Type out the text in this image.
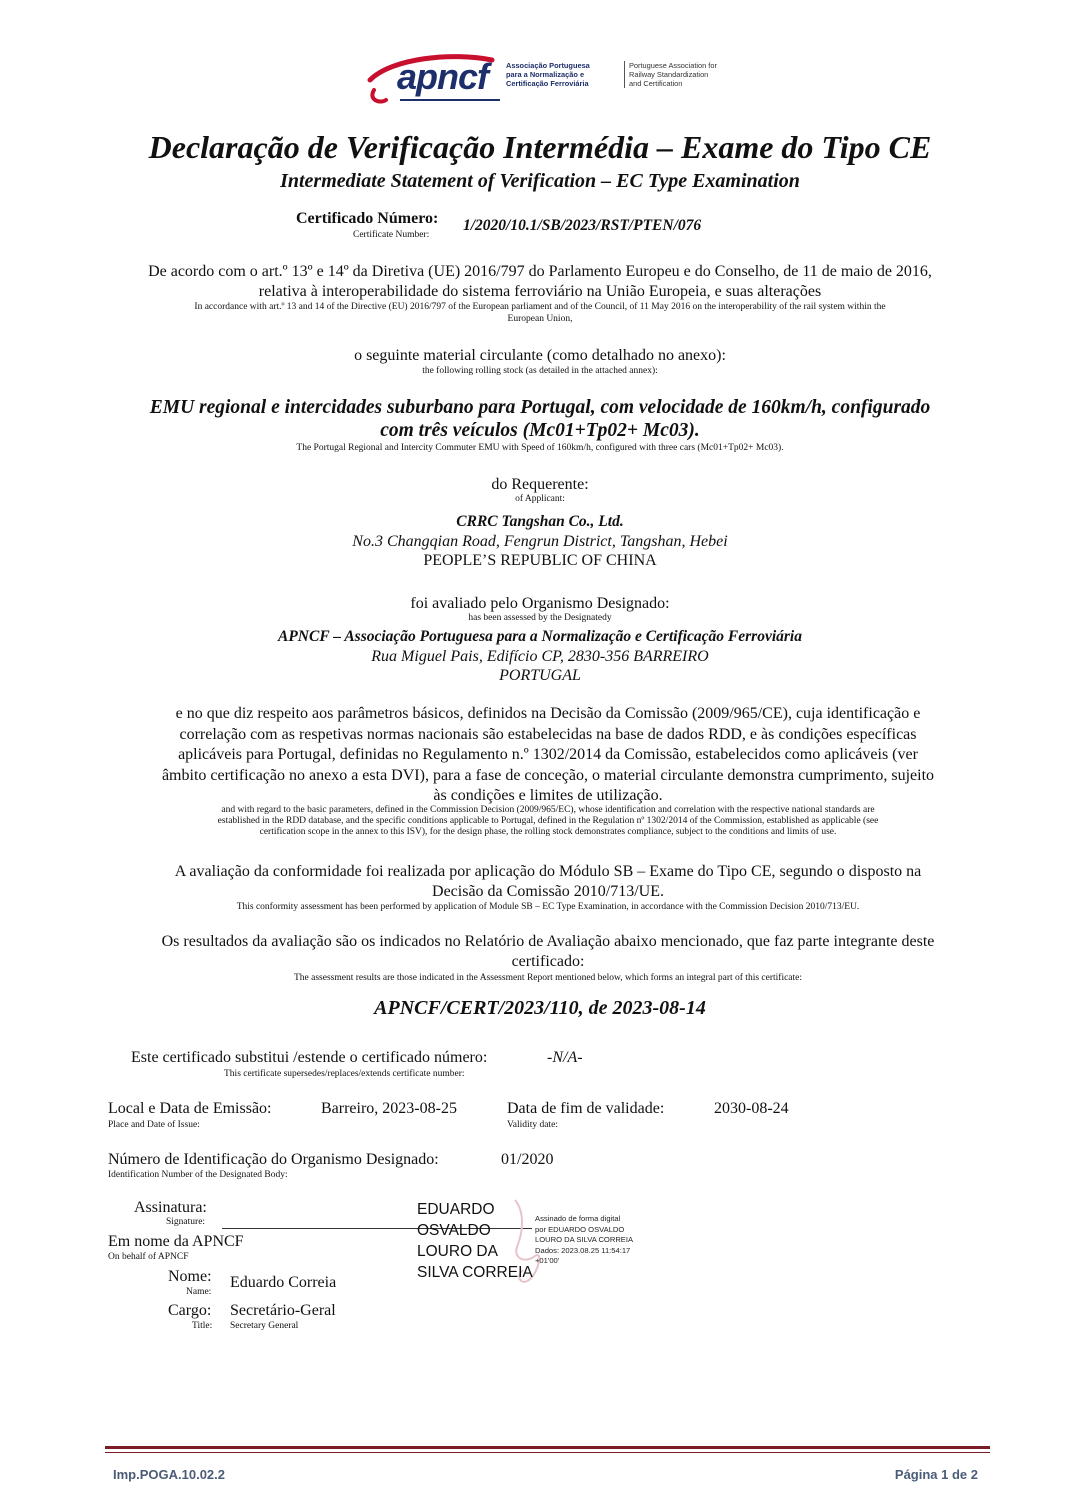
apncf Associação Portuguesa
para a Normalização e
Certificação Ferroviária
Portuguese Association for
Railway Standardization
and Certification
Declaração de Verificação Intermédia – Exame do Tipo CE
Intermediate Statement of Verification – EC Type Examination
Certificado Número:
Certificate Number:
1/2020/10.1/SB/2023/RST/PTEN/076
De acordo com o art.º 13º e 14º da Diretiva (UE) 2016/797 do Parlamento Europeu e do Conselho, de 11 de maio de 2016,
relativa à interoperabilidade do sistema ferroviário na União Europeia, e suas alterações
In accordance with art.º 13 and 14 of the Directive (EU) 2016/797 of the European parliament and of the Council, of 11 May 2016 on the interoperability of the rail system within the
European Union,
o seguinte material circulante (como detalhado no anexo):
the following rolling stock (as detailed in the attached annex):
EMU regional e intercidades suburbano para Portugal, com velocidade de 160km/h, configurado
com três veículos (Mc01+Tp02+ Mc03).
The Portugal Regional and Intercity Commuter EMU with Speed of 160km/h, configured with three cars (Mc01+Tp02+ Mc03).
do Requerente:
of Applicant:
CRRC Tangshan Co., Ltd.
No.3 Changqian Road, Fengrun District, Tangshan, Hebei
PEOPLE’S REPUBLIC OF CHINA
foi avaliado pelo Organismo Designado:
has been assessed by the Designatedy
APNCF – Associação Portuguesa para a Normalização e Certificação Ferroviária
Rua Miguel Pais, Edifício CP, 2830-356 BARREIRO
PORTUGAL
e no que diz respeito aos parâmetros básicos, definidos na Decisão da Comissão (2009/965/CE), cuja identificação e
correlação com as respetivas normas nacionais são estabelecidas na base de dados RDD, e às condições específicas
aplicáveis para Portugal, definidas no Regulamento n.º 1302/2014 da Comissão, estabelecidos como aplicáveis (ver
âmbito certificação no anexo a esta DVI), para a fase de conceção, o material circulante demonstra cumprimento, sujeito
às condições e limites de utilização.
and with regard to the basic parameters, defined in the Commission Decision (2009/965/EC), whose identification and correlation with the respective national standards are
established in the RDD database, and the specific conditions applicable to Portugal, defined in the Regulation nº 1302/2014 of the Commission, established as applicable (see
certification scope in the annex to this ISV), for the design phase, the rolling stock demonstrates compliance, subject to the conditions and limits of use.
A avaliação da conformidade foi realizada por aplicação do Módulo SB – Exame do Tipo CE, segundo o disposto na
Decisão da Comissão 2010/713/UE.
This conformity assessment has been performed by application of Module SB – EC Type Examination, in accordance with the Commission Decision 2010/713/EU.
Os resultados da avaliação são os indicados no Relatório de Avaliação abaixo mencionado, que faz parte integrante deste
certificado:
The assessment results are those indicated in the Assessment Report mentioned below, which forms an integral part of this certificate:
APNCF/CERT/2023/110, de 2023-08-14
Este certificado substitui /estende o certificado número:
This certificate supersedes/replaces/extends certificate number:
-N/A-
Local e Data de Emissão:
Place and Date of Issue:
Barreiro, 2023-08-25	Data de fim de validade:
Validity date:
2030-08-24
Número de Identificação do Organismo Designado:
Identification Number of the Designated Body:
01/2020
Assinatura:
Signature:
EDUARDO
OSVALDO
LOURO DA
SILVA CORREIA
Assinado de forma digital
por EDUARDO OSVALDO
LOURO DA SILVA CORREIA
Dados: 2023.08.25 11:54:17
+01'00'
Em nome da APNCF
On behalf of APNCF
Nome:
Name:
Eduardo Correia
Cargo:
Title:
Secretário-Geral
Secretary General
Imp.POGA.10.02.2	Página 1 de 2
